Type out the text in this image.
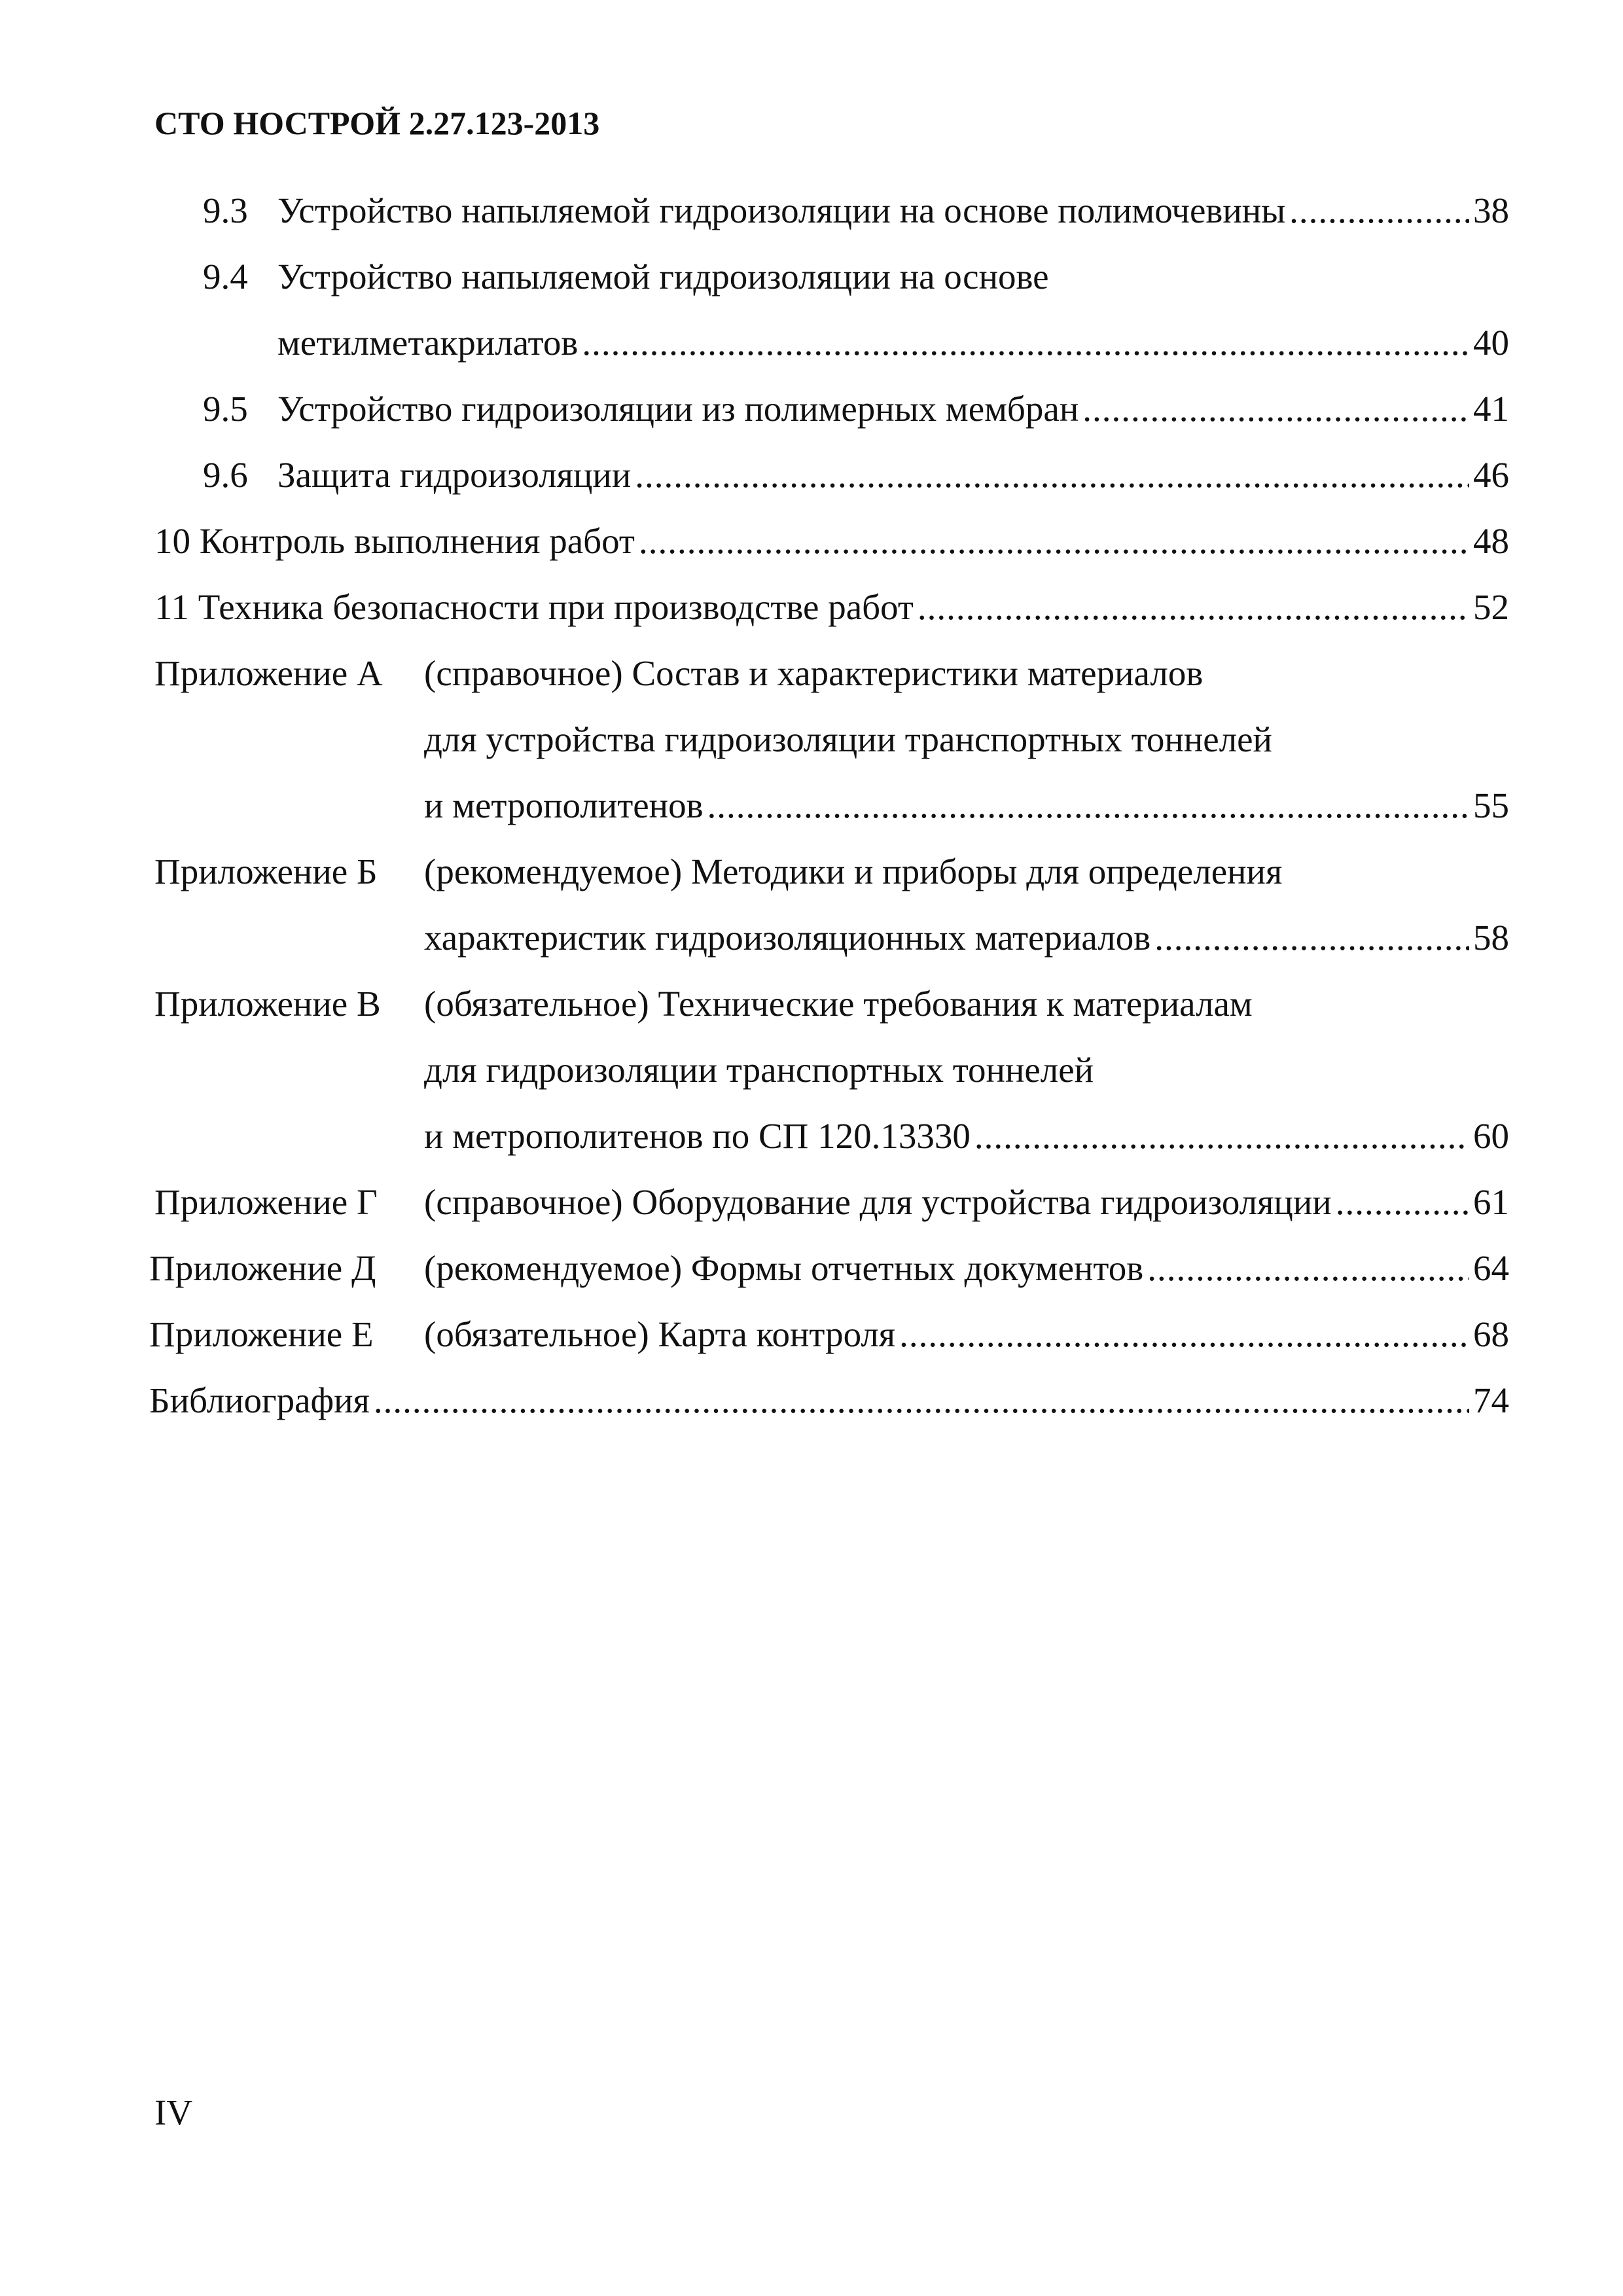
СТО НОСТРОЙ 2.27.123-2013
9.3 Устройство напыляемой гидроизоляции на основе полимочевины .....	38
9.4 Устройство напыляемой гидроизоляции на основе
метилметакрилатов .....	40
9.5 Устройство гидроизоляции из полимерных мембран .....	41
9.6 Защита гидроизоляции .....	46
10 Контроль выполнения работ .....	48
11 Техника безопасности при производстве работ .....	52
Приложение А (справочное) Состав и характеристики материалов
для устройства гидроизоляции транспортных тоннелей
и метрополитенов .....	55
Приложение Б (рекомендуемое) Методики и приборы для определения
характеристик гидроизоляционных материалов .....	58
Приложение В (обязательное) Технические требования к материалам
для гидроизоляции транспортных тоннелей
и метрополитенов по СП 120.13330 .....	60
Приложение Г (справочное) Оборудование для устройства гидроизоляции .....	61
Приложение Д (рекомендуемое) Формы отчетных документов .....	64
Приложение Е (обязательное) Карта контроля .....	68
Библиография .....	74
IV
